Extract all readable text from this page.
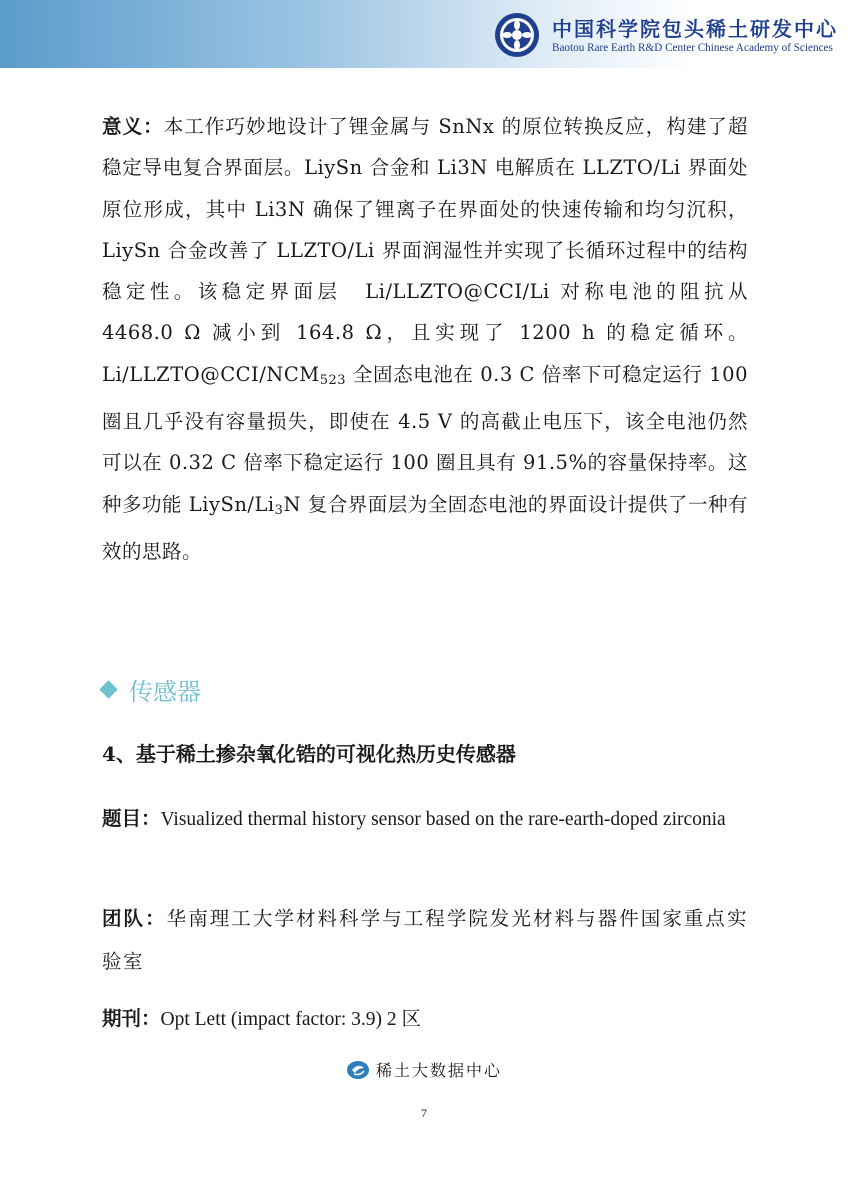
中国科学院包头稀土研发中心
Baotou Rare Earth R&D Center Chinese Academy of Sciences
意义：本工作巧妙地设计了锂金属与 SnNx 的原位转换反应，构建了超稳定导电复合界面层。LiySn 合金和 Li3N 电解质在 LLZTO/Li 界面处原位形成，其中 Li3N 确保了锂离子在界面处的快速传输和均匀沉积，LiySn 合金改善了 LLZTO/Li 界面润湿性并实现了长循环过程中的结构稳定性。该稳定界面层　Li/LLZTO@CCI/Li 对称电池的阻抗从 4468.0 Ω 减小到 164.8 Ω，且实现了 1200 h 的稳定循环。$Li/LLZTO@CCI/NCM_{523}$ 全固态电池在 0.3 C 倍率下可稳定运行 100 圈且几乎没有容量损失，即使在 4.5 V 的高截止电压下，该全电池仍然可以在 0.32 C 倍率下稳定运行 100 圈且具有 91.5%的容量保持率。这种多功能 LiySn/$Li_3N$ 复合界面层为全固态电池的界面设计提供了一种有效的思路。
传感器
4、基于稀土掺杂氧化锆的可视化热历史传感器
题目：Visualized thermal history sensor based on the rare-earth-doped zirconia
团队：华南理工大学材料科学与工程学院发光材料与器件国家重点实验室
期刊：Opt Lett (impact factor: 3.9) 2 区
稀土大数据中心
7
